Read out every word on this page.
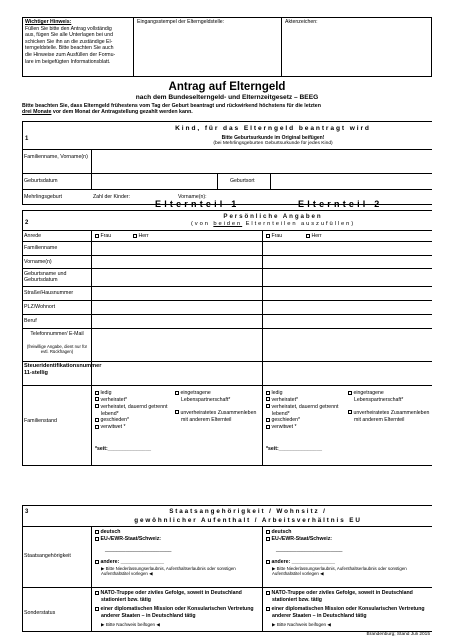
Wichtiger Hinweis:
Füllen Sie bitte den Antrag vollständig
aus, fügen Sie alle Unterlagen bei und
schicken Sie ihn an die zuständige El-
terngeldstelle. Bitte beachten Sie auch
die Hinweise zum Ausfüllen der Formu-
lare im beigefügten Informationsblatt.
Eingangsstempel der Elterngeldstelle:	Aktenzeichen:
Antrag auf Elterngeld
nach dem Bundeselterngeld- und Elternzeitgesetz – BEEG
Bitte beachten Sie, dass Elterngeld frühestens vom Tag der Geburt beantragt und rückwirkend höchstens für die letzten
drei Monate vor dem Monat der Antragstellung gezahlt werden kann.
1
Kind, für das Elterngeld beantragt wird
Bitte Geburtsurkunde im Original beifügen!
(bei Mehrlingsgeburten Geburtsurkunde für jedes Kind)
Familienname, Vorname(n)
Geburtsdatum	Geburtsort
Mehrlingsgeburt	Zahl der Kinder:	Vorname(n):
Elternteil 1	Elternteil 2
2
Persönliche Angaben
(von beiden Elternteilen auszufüllen)
Anrede	Frau	Herr	Frau	Herr
Familienname
Vorname(n)
Geburtsname und Geburtsdatum
Straße/Hausnummer
PLZ/Wohnort
Beruf
Telefonnummer/ E-Mail
(freiwillige Angabe, dient nur für evtl. Rückfragen)
Steueridentifikationsnummer 11-stellig
Familienstand
ledig
verheiratet*
verheiratet, dauernd getrennt lebend*
geschieden*
verwitwet *
eingetragene Lebenspartnerschaft*
unverheiratetes Zusammenleben mit anderem Elternteil
*seit:_______________
ledig
verheiratet*
verheiratet, dauernd getrennt lebend*
geschieden*
verwitwet *
eingetragene Lebenspartnerschaft*
unverheiratetes Zusammenleben mit anderem Elternteil
*seit:_______________
3	Staatsangehörigkeit / Wohnsitz /
gewöhnlicher Aufenthalt / Arbeitsverhältnis EU
Staatsangehörigkeit
deutsch
EU-/EWR-Staat/Schweiz:
_______________________
andere: _______________
▶ Bitte Niederlassungserlaubnis, Aufenthaltserlaubnis oder sonstigen Aufenthaltstitel vorlegen ◀
deutsch
EU-/EWR-Staat/Schweiz:
_______________________
andere: _______________
▶ Bitte Niederlassungserlaubnis, Aufenthaltserlaubnis oder sonstigen Aufenthaltstitel vorlegen ◀
Sonderstatus
NATO-Truppe oder ziviles Gefolge, soweit in Deutschland stationiert bzw. tätig
einer diplomatischen Mission oder Konsularischen Vertretung anderer Staaten – in Deutschland tätig
▶ Bitte Nachweis beifügen ◀
NATO-Truppe oder ziviles Gefolge, soweit in Deutschland stationiert bzw. tätig
einer diplomatischen Mission oder Konsularischen Vertretung anderer Staaten – in Deutschland tätig
▶ Bitte Nachweis beifügen ◀
Brandenburg; Stand Juli 2015
